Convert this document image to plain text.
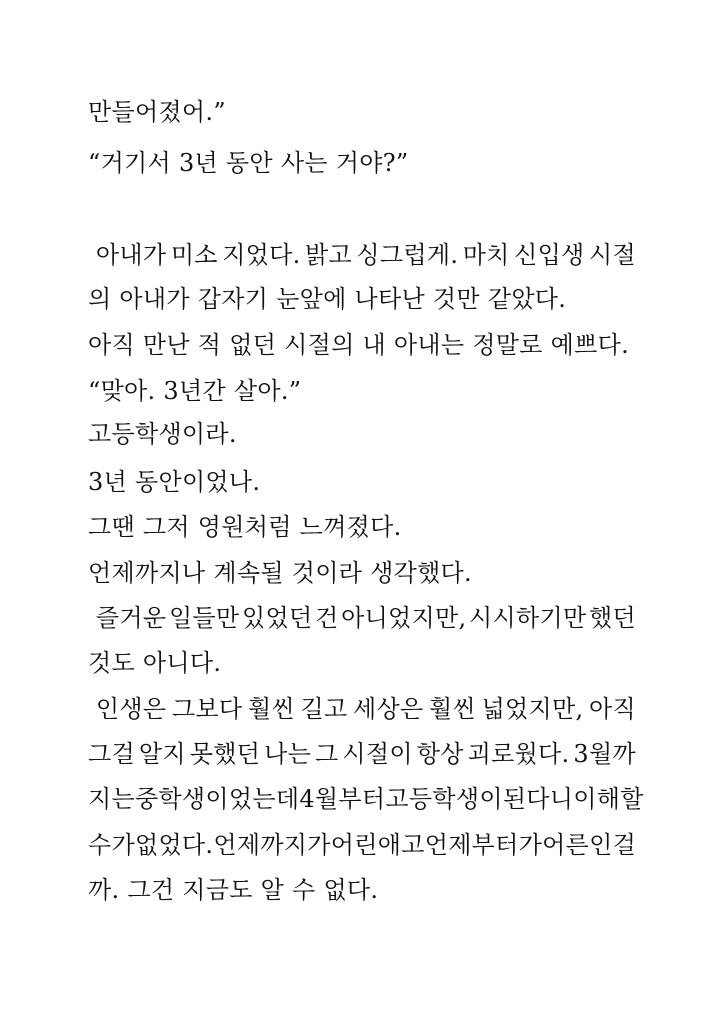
만들어졌어.”
“거기서 3년 동안 사는 거야?”
아내가 미소 지었다. 밝고 싱그럽게. 마치 신입생 시절
의 아내가 갑자기 눈앞에 나타난 것만 같았다.
아직 만난 적 없던 시절의 내 아내는 정말로 예쁘다.
“맞아. 3년간 살아.”
고등학생이라.
3년 동안이었나.
그땐 그저 영원처럼 느껴졌다.
언제까지나 계속될 것이라 생각했다.
즐거운 일들만 있었던 건 아니었지만, 시시하기만 했던
것도 아니다.
인생은 그보다 훨씬 길고 세상은 훨씬 넓었지만, 아직
그걸 알지 못했던 나는 그 시절이 항상 괴로웠다. 3월까
지는 중학생이었는데 4월부터 고등학생이 된다니 이해할
수가 없었다. 언제까지가 어린애고 언제부터가 어른인 걸
까. 그건 지금도 알 수 없다.
